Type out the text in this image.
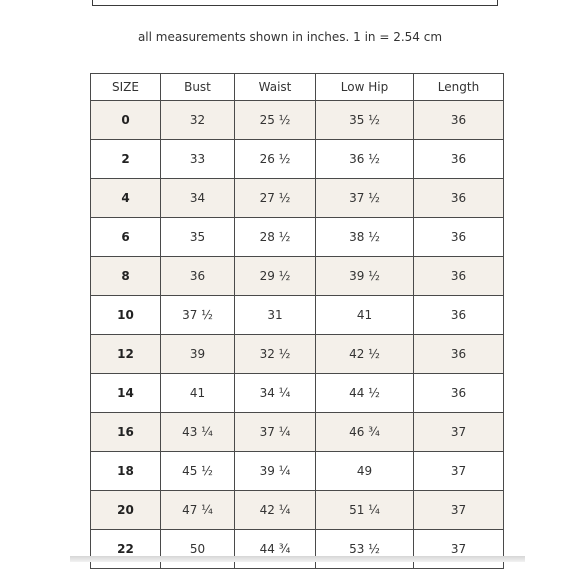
all measurements shown in inches. 1 in = 2.54 cm
SIZE	Bust	Waist	Low Hip	Length
0	32	25 ½	35 ½	36
2	33	26 ½	36 ½	36
4	34	27 ½	37 ½	36
6	35	28 ½	38 ½	36
8	36	29 ½	39 ½	36
10	37 ½	31	41	36
12	39	32 ½	42 ½	36
14	41	34 ¼	44 ½	36
16	43 ¼	37 ¼	46 ¾	37
18	45 ½	39 ¼	49	37
20	47 ¼	42 ¼	51 ¼	37
22	50	44 ¾	53 ½	37
